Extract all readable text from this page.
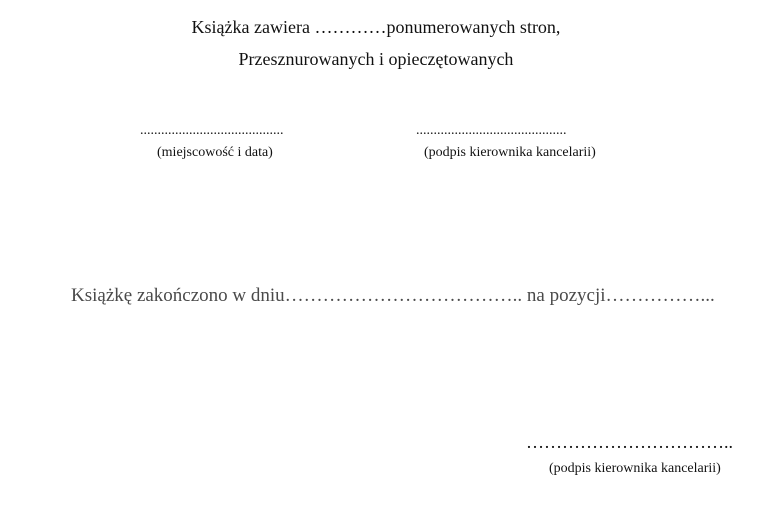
Książka zawiera …………ponumerowanych stron,
Przesznurowanych i opieczętowanych
.........................................
(miejscowość i data)
...........................................
(podpis kierownika kancelarii)
Książkę zakończono w dniu……………………………….. na pozycji……………...
……………………………..
(podpis kierownika kancelarii)
